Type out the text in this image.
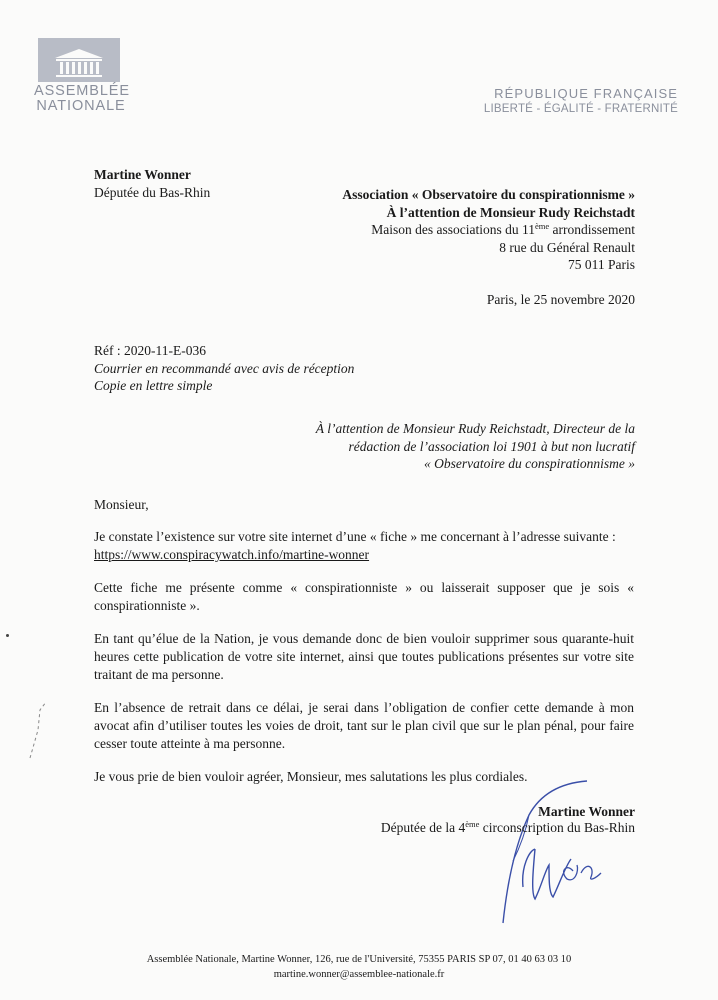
ASSEMBLÉE
NATIONALE
RÉPUBLIQUE FRANÇAISE
LIBERTÉ - ÉGALITÉ - FRATERNITÉ
Martine Wonner
Députée du Bas-Rhin	Association « Observatoire du conspirationnisme »
À l’attention de Monsieur Rudy Reichstadt
Maison des associations du 11ème arrondissement
8 rue du Général Renault
75 011 Paris
Paris, le 25 novembre 2020
Réf : 2020-11-E-036
Courrier en recommandé avec avis de réception
Copie en lettre simple
À l’attention de Monsieur Rudy Reichstadt, Directeur de la
rédaction de l’association loi 1901 à but non lucratif
« Observatoire du conspirationnisme »

Monsieur,

Je constate l’existence sur votre site internet d’une « fiche » me concernant à l’adresse suivante :
https://www.conspiracywatch.info/martine-wonner

Cette fiche me présente comme « conspirationniste » ou laisserait supposer que je sois « conspirationniste ».

En tant qu’élue de la Nation, je vous demande donc de bien vouloir supprimer sous quarante-huit heures cette publication de votre site internet, ainsi que toutes publications présentes sur votre site traitant de ma personne.

En l’absence de retrait dans ce délai, je serai dans l’obligation de confier cette demande à mon avocat afin d’utiliser toutes les voies de droit, tant sur le plan civil que sur le plan pénal, pour faire cesser toute atteinte à ma personne.

Je vous prie de bien vouloir agréer, Monsieur, mes salutations les plus cordiales.

Martine Wonner
Députée de la 4ème circonscription du Bas-Rhin
Assemblée Nationale, Martine Wonner, 126, rue de l'Université, 75355 PARIS SP 07, 01 40 63 03 10
martine.wonner@assemblee-nationale.fr
